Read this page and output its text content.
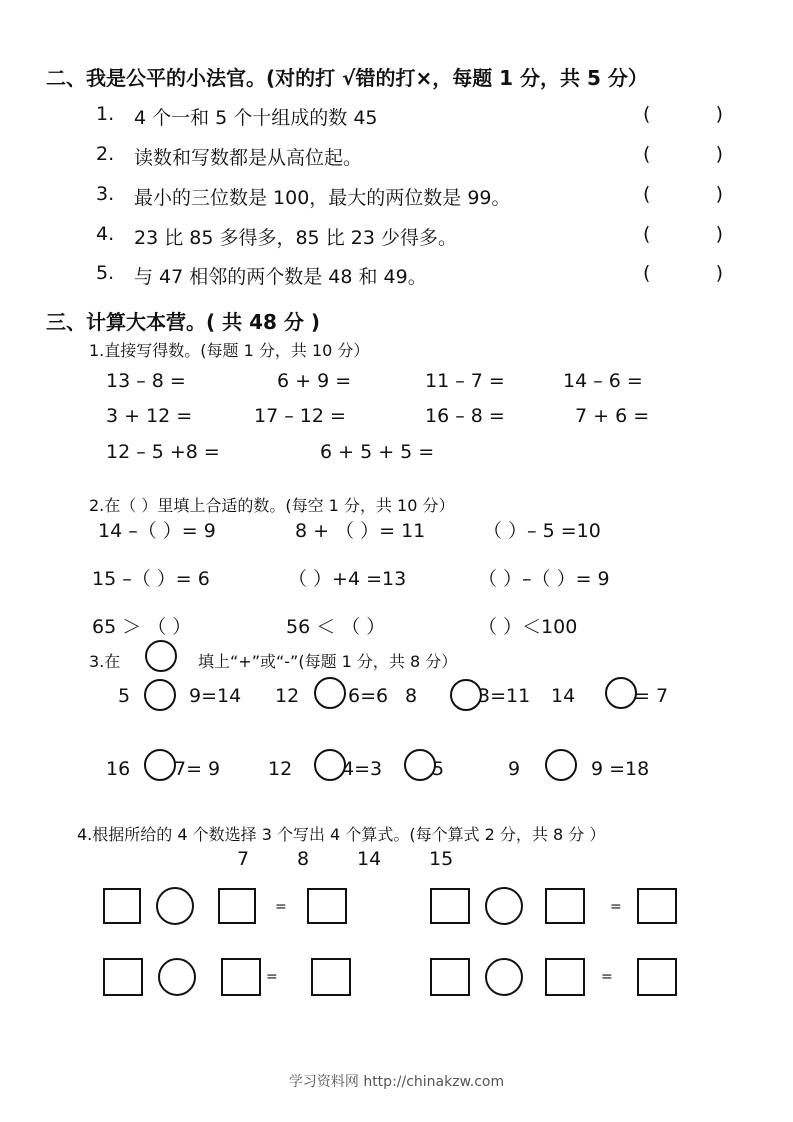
二、我是公平的小法官。(对的打 √错的打×，每题 1 分，共 5 分）
1. 4 个一和 5 个十组成的数 45	(	)
2. 读数和写数都是从高位起。	(	)
3. 最小的三位数是 100，最大的两位数是 99。	(	)
4. 23 比 85 多得多，85 比 23 少得多。	(	)
5. 与 47 相邻的两个数是 48 和 49。	(	)
三、计算大本营。( 共 48 分 )
1.直接写得数。(每题 1 分，共 10 分）
13 – 8 =	6 + 9 =	11 – 7 =	14 – 6 =
3 + 12 =	17 – 12 =	16 – 8 =	7 + 6 =
12 – 5 +8 =	6 + 5 + 5 =
2.在（ ）里填上合适的数。(每空 1 分，共 10 分）
14 –（ ）= 9	8 + （ ）= 11	（ ）– 5 =10
15 –（ ）= 6	（ ）+4 =13	（ ）–（ ）= 9
65 ＞ （ ）	56 ＜ （ ）	（ ）＜100
3.在	填上“+”或“-”(每题 1 分，共 8 分）
5	9=14 12	6=6 8	3=11 14	= 7
16 7= 9	12	4=3	5	9	9 =18
4.根据所给的 4 个数选择 3 个写出 4 个算式。(每个算式 2 分，共 8 分 ）
7	8	14	15
=	=
=	=
学习资料网 http://chinakzw.com
